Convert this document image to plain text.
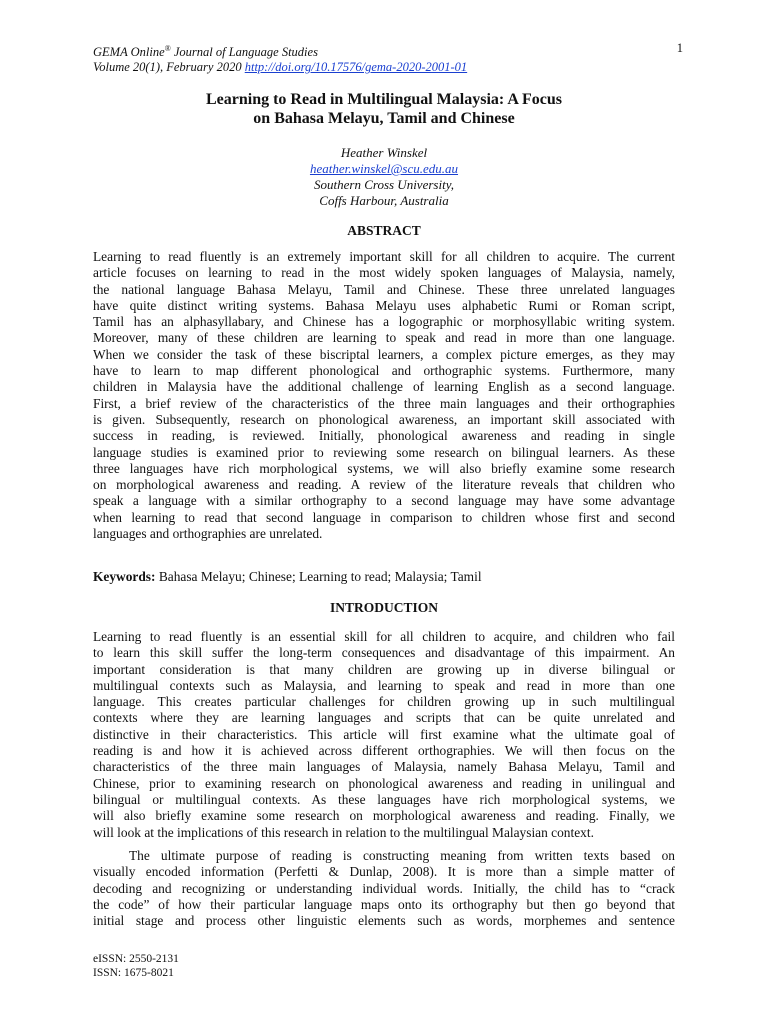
GEMA Online® Journal of Language Studies
Volume 20(1), February 2020 http://doi.org/10.17576/gema-2020-2001-01
1
Learning to Read in Multilingual Malaysia: A Focus
on Bahasa Melayu, Tamil and Chinese
Heather Winskel
heather.winskel@scu.edu.au
Southern Cross University,
Coffs Harbour, Australia
ABSTRACT
Learning to read fluently is an extremely important skill for all children to acquire. The current
article focuses on learning to read in the most widely spoken languages of Malaysia, namely,
the national language Bahasa Melayu, Tamil and Chinese. These three unrelated languages
have quite distinct writing systems. Bahasa Melayu uses alphabetic Rumi or Roman script,
Tamil has an alphasyllabary, and Chinese has a logographic or morphosyllabic writing system.
Moreover, many of these children are learning to speak and read in more than one language.
When we consider the task of these biscriptal learners, a complex picture emerges, as they may
have to learn to map different phonological and orthographic systems. Furthermore, many
children in Malaysia have the additional challenge of learning English as a second language.
First, a brief review of the characteristics of the three main languages and their orthographies
is given. Subsequently, research on phonological awareness, an important skill associated with
success in reading, is reviewed. Initially, phonological awareness and reading in single
language studies is examined prior to reviewing some research on bilingual learners. As these
three languages have rich morphological systems, we will also briefly examine some research
on morphological awareness and reading. A review of the literature reveals that children who
speak a language with a similar orthography to a second language may have some advantage
when learning to read that second language in comparison to children whose first and second
languages and orthographies are unrelated.
Keywords: Bahasa Melayu; Chinese; Learning to read; Malaysia; Tamil
INTRODUCTION
Learning to read fluently is an essential skill for all children to acquire, and children who fail
to learn this skill suffer the long-term consequences and disadvantage of this impairment. An
important consideration is that many children are growing up in diverse bilingual or
multilingual contexts such as Malaysia, and learning to speak and read in more than one
language. This creates particular challenges for children growing up in such multilingual
contexts where they are learning languages and scripts that can be quite unrelated and
distinctive in their characteristics. This article will first examine what the ultimate goal of
reading is and how it is achieved across different orthographies. We will then focus on the
characteristics of the three main languages of Malaysia, namely Bahasa Melayu, Tamil and
Chinese, prior to examining research on phonological awareness and reading in unilingual and
bilingual or multilingual contexts. As these languages have rich morphological systems, we
will also briefly examine some research on morphological awareness and reading. Finally, we
will look at the implications of this research in relation to the multilingual Malaysian context.
The ultimate purpose of reading is constructing meaning from written texts based on
visually encoded information (Perfetti & Dunlap, 2008). It is more than a simple matter of
decoding and recognizing or understanding individual words. Initially, the child has to “crack
the code” of how their particular language maps onto its orthography but then go beyond that
initial stage and process other linguistic elements such as words, morphemes and sentence
eISSN: 2550-2131
ISSN: 1675-8021
